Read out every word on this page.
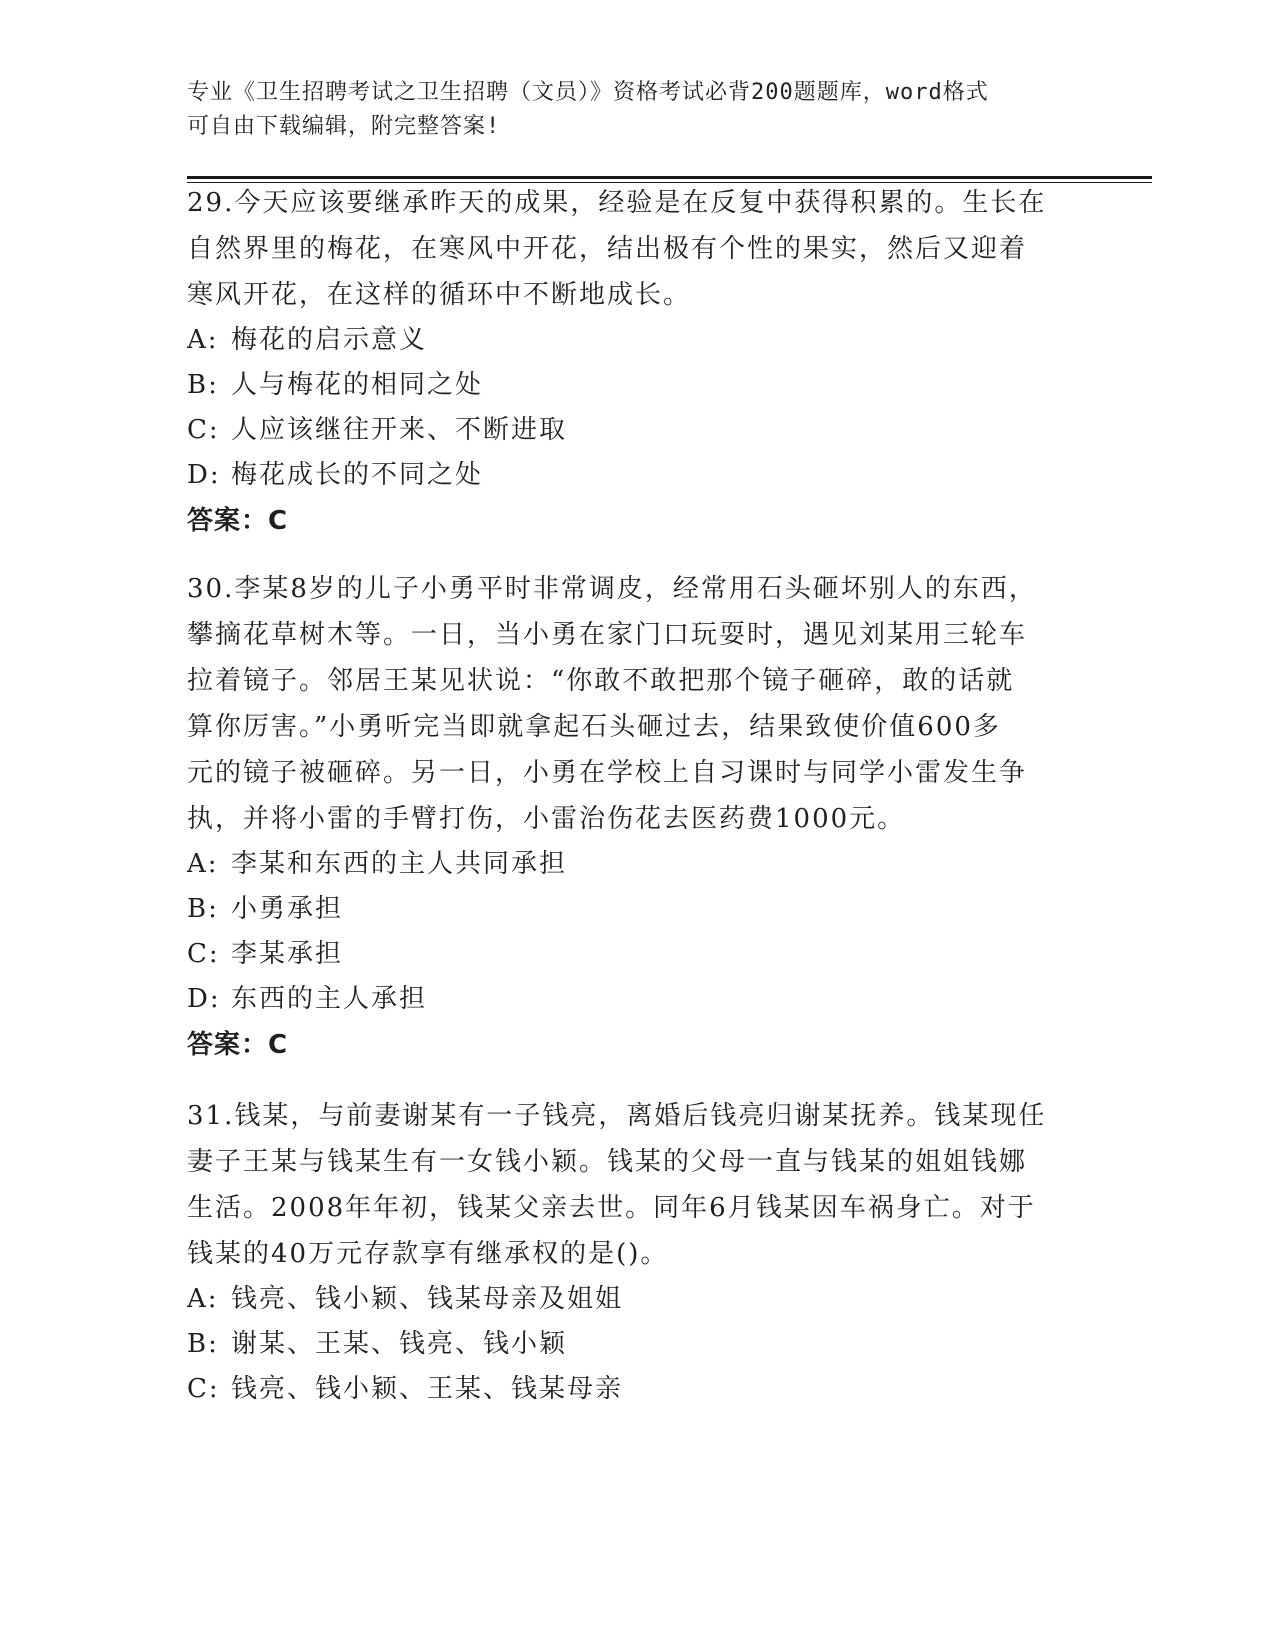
专业《卫生招聘考试之卫生招聘（文员）》资格考试必背200题题库，word格式
可自由下载编辑，附完整答案!
29.今天应该要继承昨天的成果，经验是在反复中获得积累的。生长在
自然界里的梅花，在寒风中开花，结出极有个性的果实，然后又迎着
寒风开花，在这样的循环中不断地成长。
A: 梅花的启示意义
B: 人与梅花的相同之处
C: 人应该继往开来、不断进取
D: 梅花成长的不同之处
答案：C
30.李某8岁的儿子小勇平时非常调皮，经常用石头砸坏别人的东西，
攀摘花草树木等。一日，当小勇在家门口玩耍时，遇见刘某用三轮车
拉着镜子。邻居王某见状说：“你敢不敢把那个镜子砸碎，敢的话就
算你厉害。”小勇听完当即就拿起石头砸过去，结果致使价值600多
元的镜子被砸碎。另一日，小勇在学校上自习课时与同学小雷发生争
执，并将小雷的手臂打伤，小雷治伤花去医药费1000元。
A: 李某和东西的主人共同承担
B: 小勇承担
C: 李某承担
D: 东西的主人承担
答案：C
31.钱某，与前妻谢某有一子钱亮，离婚后钱亮归谢某抚养。钱某现任
妻子王某与钱某生有一女钱小颖。钱某的父母一直与钱某的姐姐钱娜
生活。2008年年初，钱某父亲去世。同年6月钱某因车祸身亡。对于
钱某的40万元存款享有继承权的是()。
A: 钱亮、钱小颖、钱某母亲及姐姐
B: 谢某、王某、钱亮、钱小颖
C: 钱亮、钱小颖、王某、钱某母亲
